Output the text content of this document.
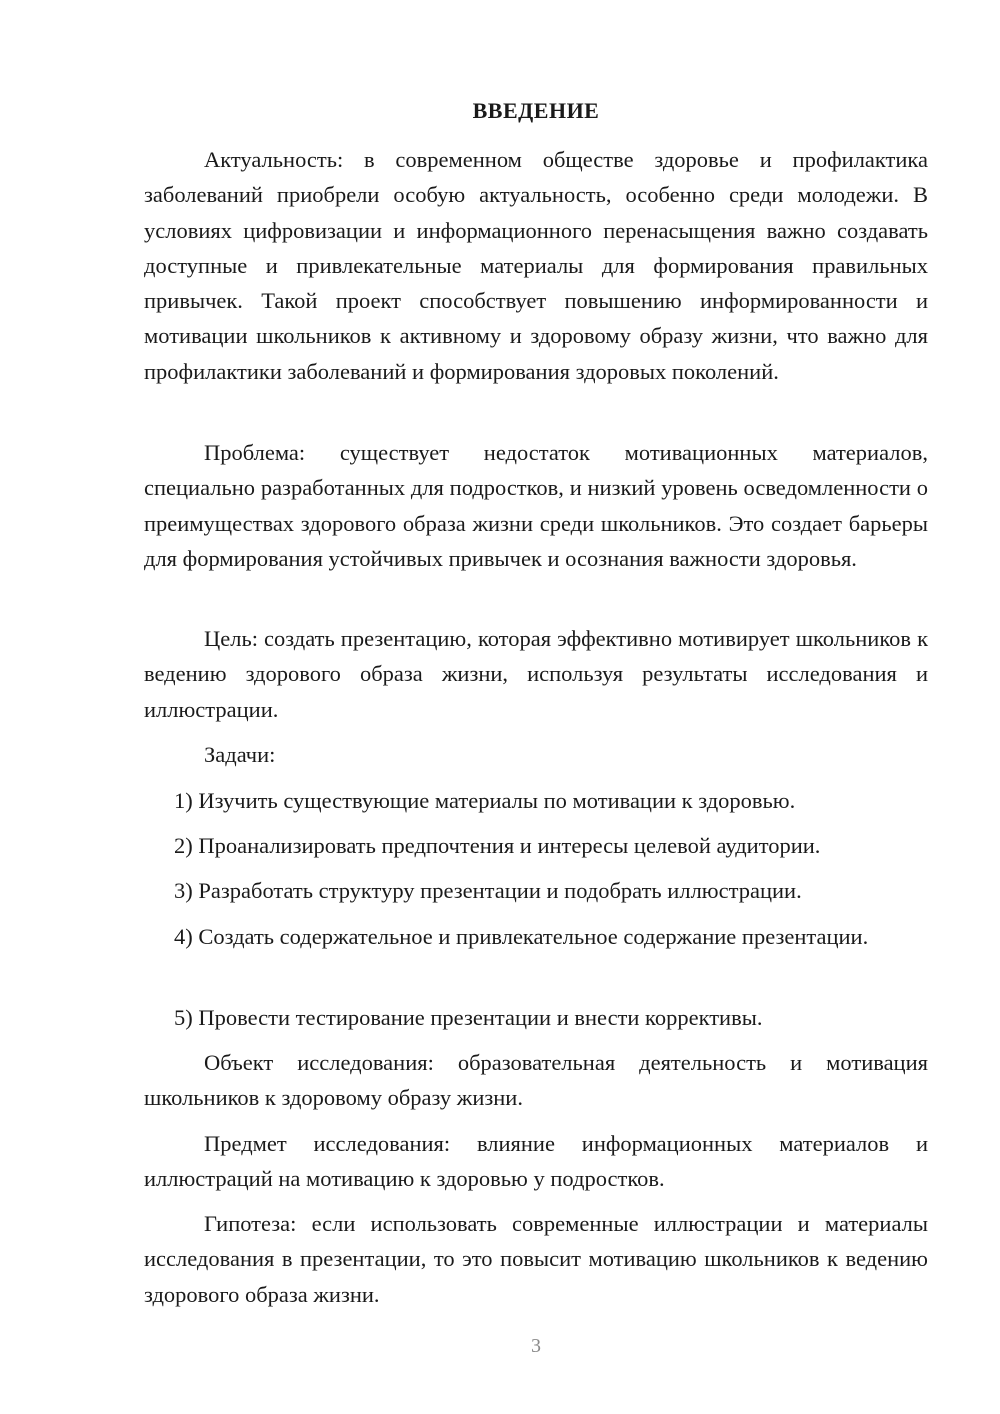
ВВЕДЕНИЕ

Актуальность: в современном обществе здоровье и профилактика заболеваний приобрели особую актуальность, особенно среди молодежи. В условиях цифровизации и информационного перенасыщения важно создавать доступные и привлекательные материалы для формирования правильных привычек. Такой проект способствует повышению информированности и мотивации школьников к активному и здоровому образу жизни, что важно для профилактики заболеваний и формирования здоровых поколений.

Проблема: существует недостаток мотивационных материалов, специально разработанных для подростков, и низкий уровень осведомленности о преимуществах здорового образа жизни среди школьников. Это создает барьеры для формирования устойчивых привычек и осознания важности здоровья.

Цель: создать презентацию, которая эффективно мотивирует школьников к ведению здорового образа жизни, используя результаты исследования и иллюстрации.

Задачи:

1) Изучить существующие материалы по мотивации к здоровью.

2) Проанализировать предпочтения и интересы целевой аудитории.

3) Разработать структуру презентации и подобрать иллюстрации.

4) Создать содержательное и привлекательное содержание презентации.

5) Провести тестирование презентации и внести коррективы.

Объект исследования: образовательная деятельность и мотивация школьников к здоровому образу жизни.

Предмет исследования: влияние информационных материалов и иллюстраций на мотивацию к здоровью у подростков.

Гипотеза: если использовать современные иллюстрации и материалы исследования в презентации, то это повысит мотивацию школьников к ведению здорового образа жизни.

3
